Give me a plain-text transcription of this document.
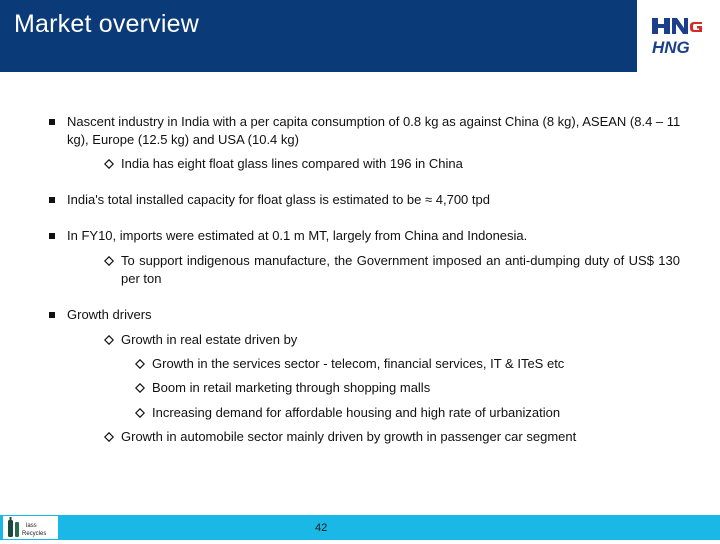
Market overview
HNG
Nascent industry in India with a per capita consumption of 0.8 kg as against China (8 kg), ASEAN (8.4 – 11 kg), Europe (12.5 kg) and USA (10.4 kg)
India has eight float glass lines compared with 196 in China
India's total installed capacity for float glass is estimated to be ≈ 4,700 tpd
In FY10, imports were estimated at 0.1 m MT, largely from China and Indonesia.
To support indigenous manufacture, the Government imposed an anti-dumping duty of US$ 130 per ton
Growth drivers
Growth in real estate driven by
Growth in the services sector - telecom, financial services, IT & ITeS etc
Boom in retail marketing through shopping malls
Increasing demand for affordable housing and high rate of urbanization
Growth in automobile sector mainly driven by growth in passenger car segment
lass
Recycles	42
